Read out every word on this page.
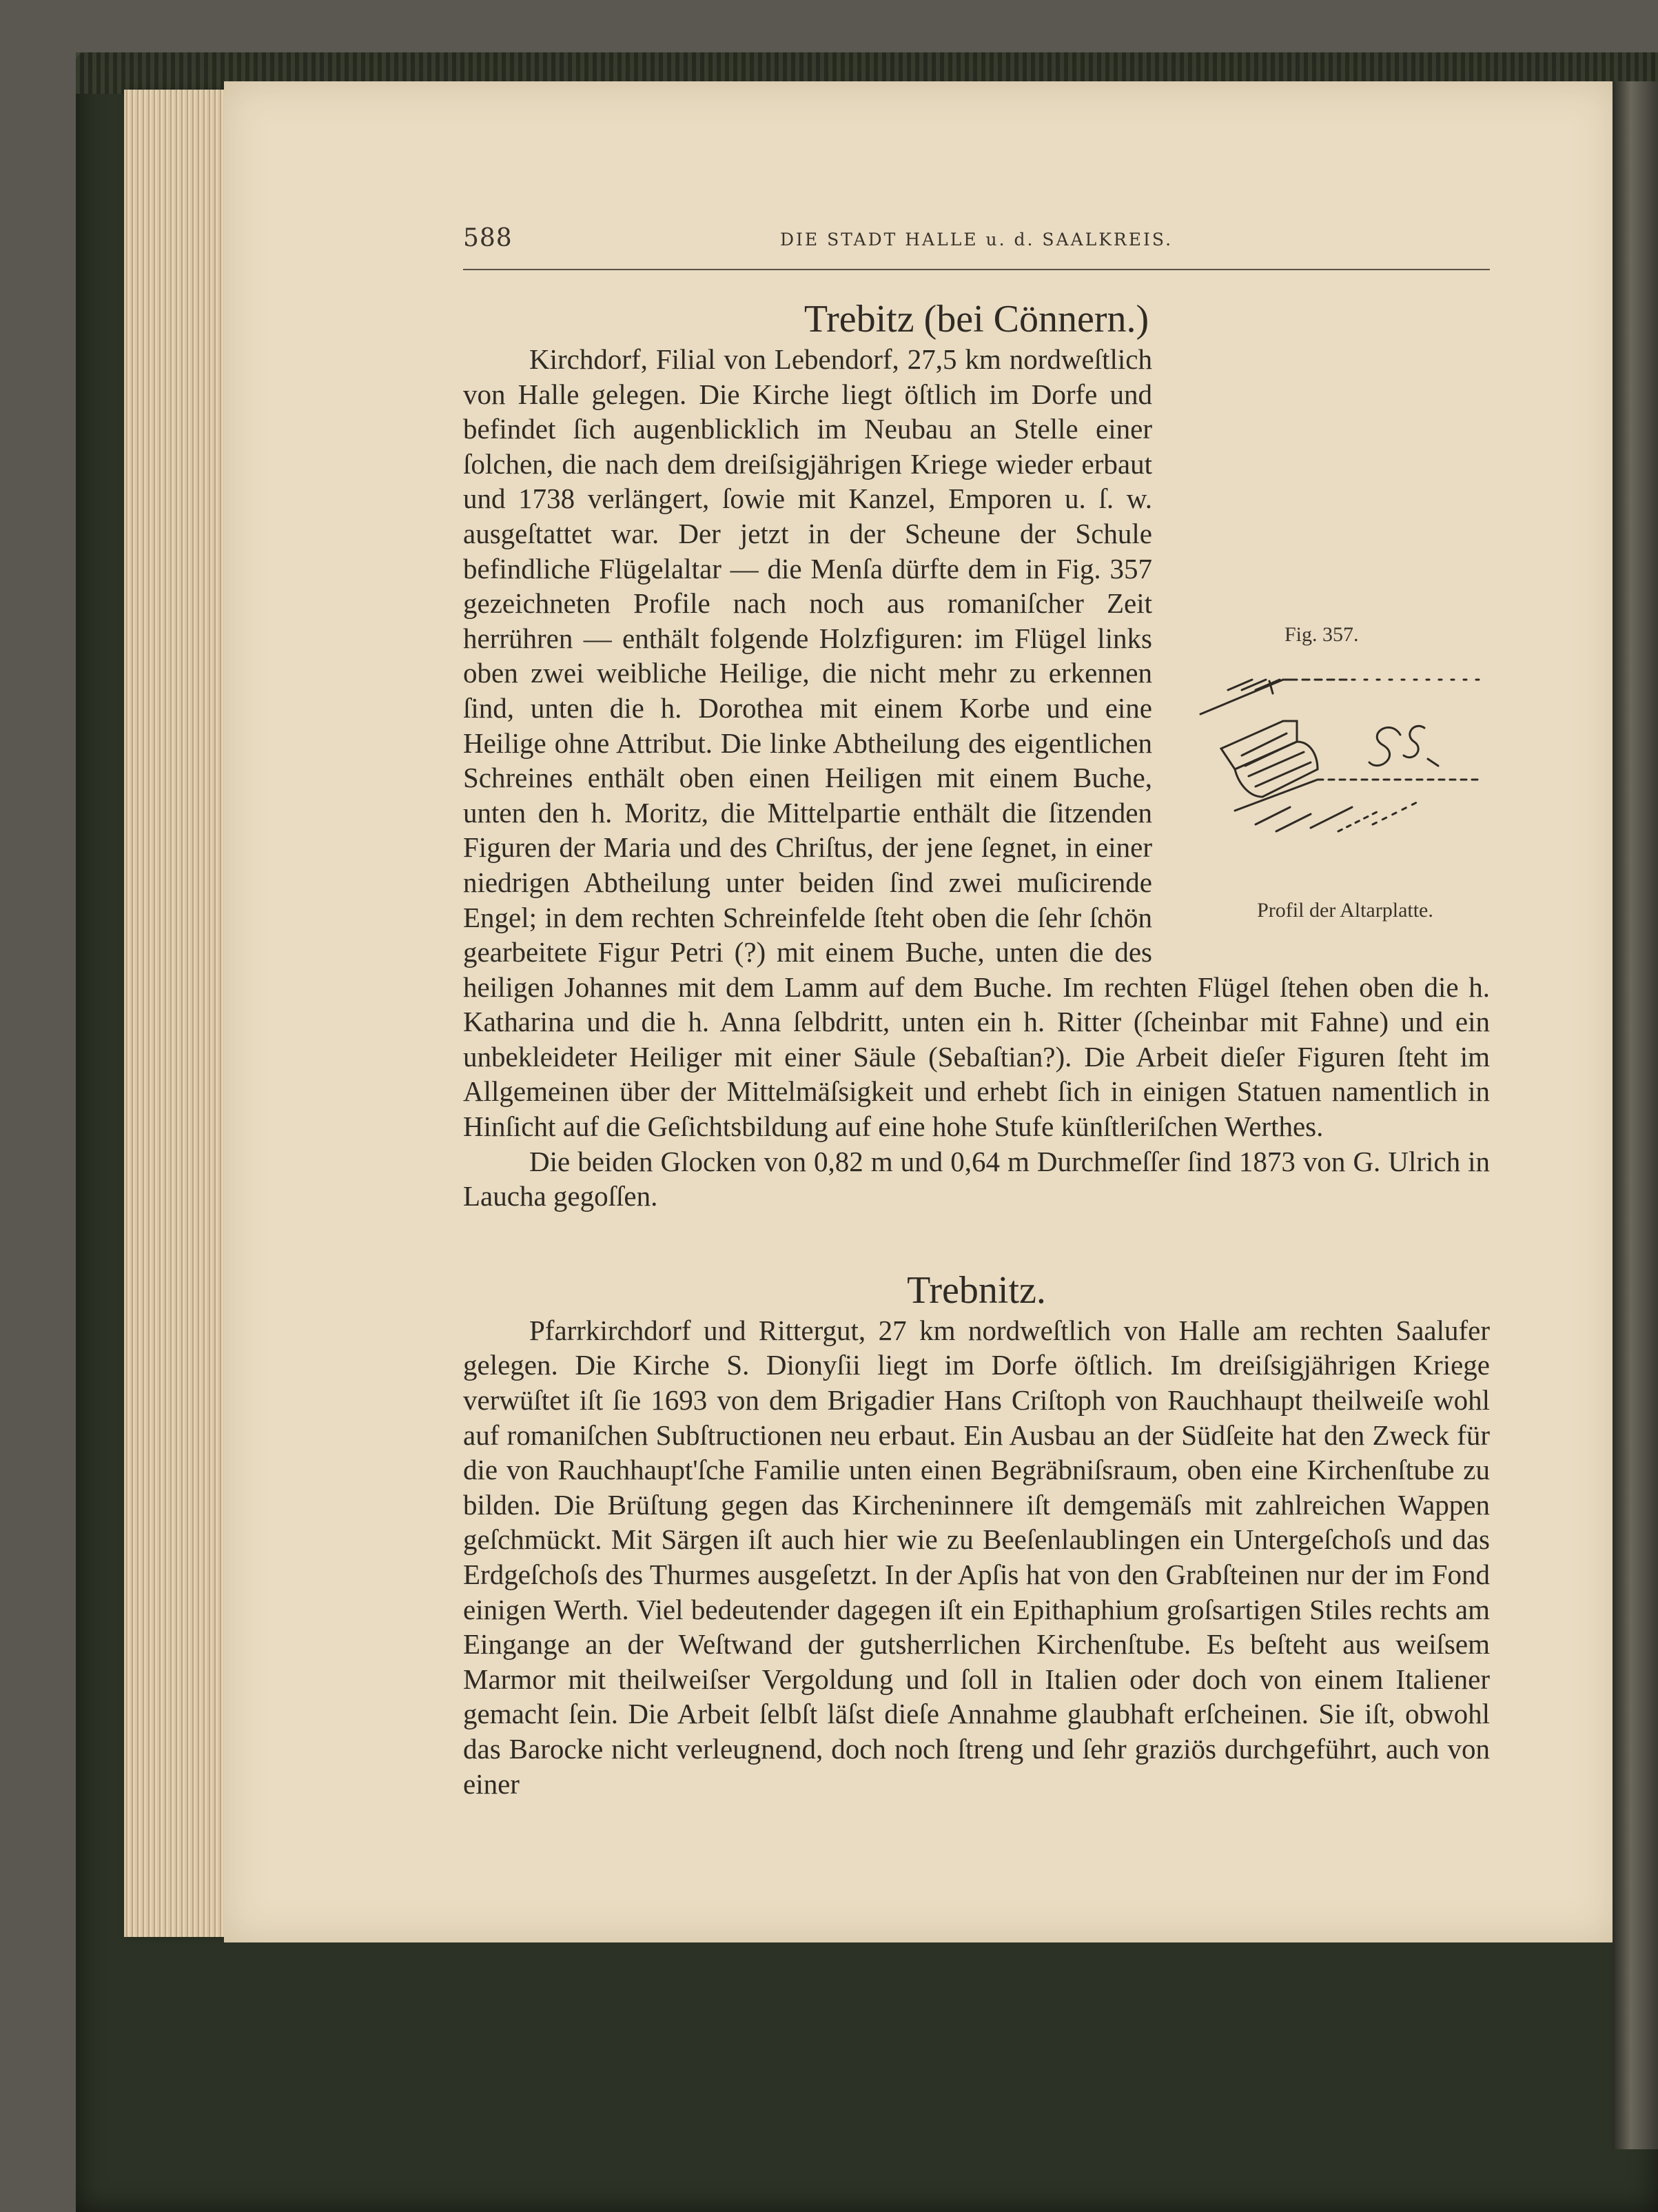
588	DIE STADT HALLE u. d. SAALKREIS.
Trebitz (bei Cönnern.)
Fig. 357.
Profil der Altarplatte.

Kirchdorf, Filial von Lebendorf, 27,5 km nordweſtlich von Halle gelegen. Die Kirche liegt öſtlich im Dorfe und befindet ſich augenblicklich im Neubau an Stelle einer ſolchen, die nach dem dreiſsigjährigen Kriege wieder erbaut und 1738 verlängert, ſowie mit Kanzel, Emporen u. ſ. w. ausgeſtattet war. Der jetzt in der Scheune der Schule befindliche Flügelaltar — die Menſa dürfte dem in Fig. 357 gezeichneten Profile nach noch aus romaniſcher Zeit herrühren — enthält folgende Holzfiguren: im Flügel links oben zwei weibliche Heilige, die nicht mehr zu erkennen ſind, unten die h. Dorothea mit einem Korbe und eine Heilige ohne Attribut. Die linke Abtheilung des eigentlichen Schreines enthält oben einen Heiligen mit einem Buche, unten den h. Moritz, die Mittelpartie enthält die ſitzenden Figuren der Maria und des Chriſtus, der jene ſegnet, in einer niedrigen Abtheilung unter beiden ſind zwei muſicirende Engel; in dem rechten Schreinfelde ſteht oben die ſehr ſchön gearbeitete Figur Petri (?) mit einem Buche, unten die des heiligen Johannes mit dem Lamm auf dem Buche. Im rechten Flügel ſtehen oben die h. Katharina und die h. Anna ſelbdritt, unten ein h. Ritter (ſcheinbar mit Fahne) und ein unbekleideter Heiliger mit einer Säule (Sebaſtian?). Die Arbeit dieſer Figuren ſteht im Allgemeinen über der Mittelmäſsigkeit und erhebt ſich in einigen Statuen namentlich in Hinſicht auf die Geſichtsbildung auf eine hohe Stufe künſtleriſchen Werthes.

Die beiden Glocken von 0,82 m und 0,64 m Durchmeſſer ſind 1873 von G. Ulrich in Laucha gegoſſen.

Trebnitz.

Pfarrkirchdorf und Rittergut, 27 km nordweſtlich von Halle am rechten Saalufer gelegen. Die Kirche S. Dionyſii liegt im Dorfe öſtlich. Im dreiſsigjährigen Kriege verwüſtet iſt ſie 1693 von dem Brigadier Hans Criſtoph von Rauchhaupt theilweiſe wohl auf romaniſchen Subſtructionen neu erbaut. Ein Ausbau an der Südſeite hat den Zweck für die von Rauchhaupt'ſche Familie unten einen Begräbniſsraum, oben eine Kirchenſtube zu bilden. Die Brüſtung gegen das Kircheninnere iſt demgemäſs mit zahlreichen Wappen geſchmückt. Mit Särgen iſt auch hier wie zu Beeſenlaublingen ein Untergeſchoſs und das Erdgeſchoſs des Thurmes ausgeſetzt. In der Apſis hat von den Grabſteinen nur der im Fond einigen Werth. Viel bedeutender dagegen iſt ein Epithaphium groſsartigen Stiles rechts am Eingange an der Weſtwand der gutsherrlichen Kirchenſtube. Es beſteht aus weiſsem Marmor mit theilweiſser Vergoldung und ſoll in Italien oder doch von einem Italiener gemacht ſein. Die Arbeit ſelbſt läſst dieſe Annahme glaubhaft erſcheinen. Sie iſt, obwohl das Barocke nicht verleugnend, doch noch ſtreng und ſehr graziös durchgeführt, auch von einer
